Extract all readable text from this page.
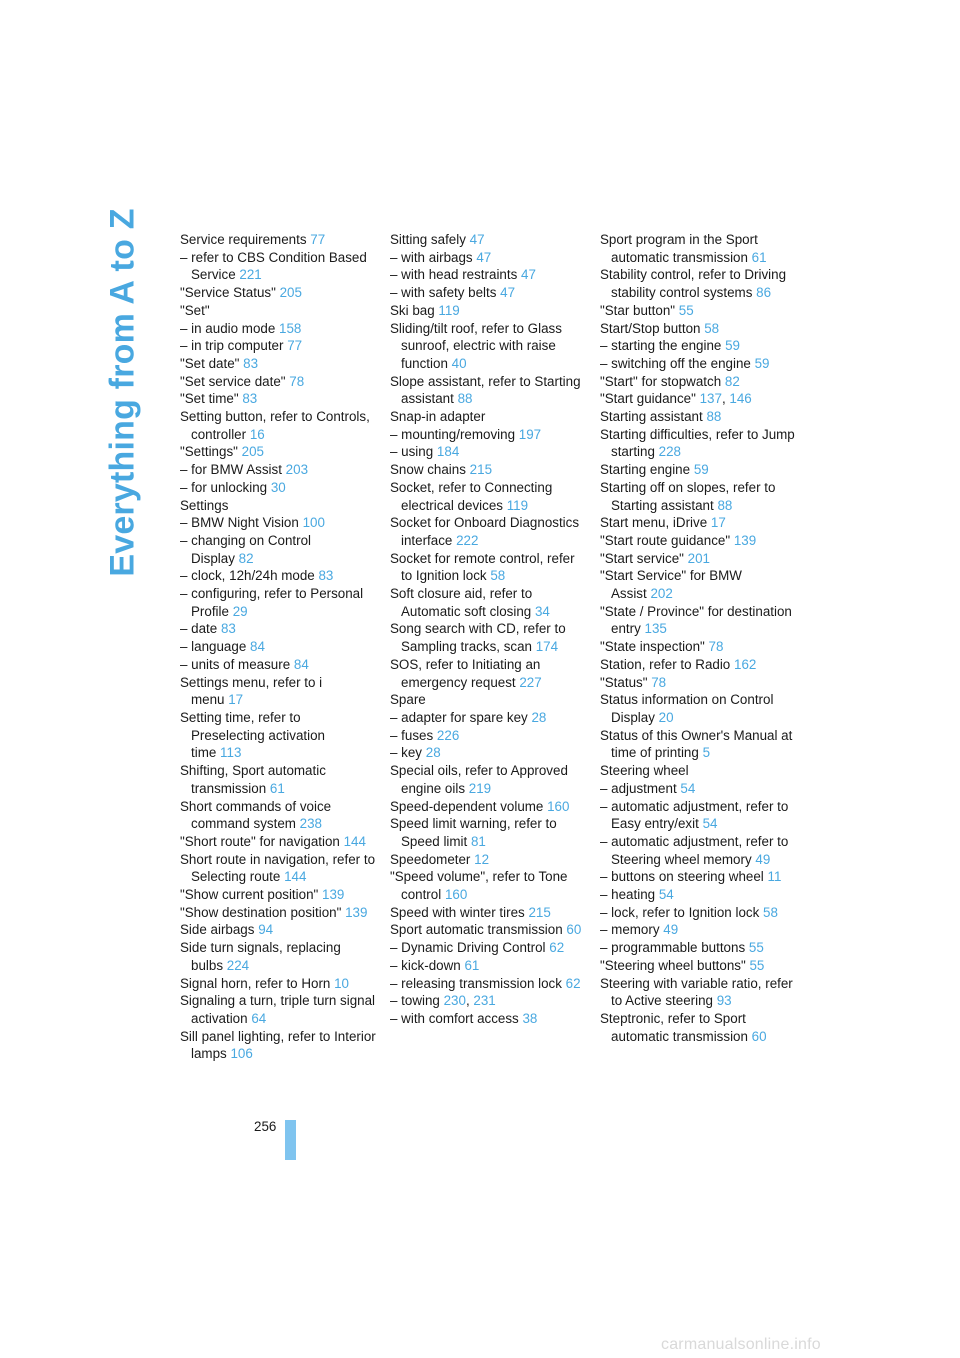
Everything from A to Z	Service requirements 77
– refer to CBS Condition Based Service 221
"Service Status" 205
"Set"
– in audio mode 158
– in trip computer 77
"Set date" 83
"Set service date" 78
"Set time" 83
Setting button, refer to Controls, controller 16
"Settings" 205
– for BMW Assist 203
– for unlocking 30
Settings
– BMW Night Vision 100
– changing on Control Display 82
– clock, 12h/24h mode 83
– configuring, refer to Personal Profile 29
– date 83
– language 84
– units of measure 84
Settings menu, refer to i menu 17
Setting time, refer to Preselecting activation time 113
Shifting, Sport automatic transmission 61
Short commands of voice command system 238
"Short route" for navigation 144
Short route in navigation, refer to Selecting route 144
"Show current position" 139
"Show destination position" 139
Side airbags 94
Side turn signals, replacing bulbs 224
Signal horn, refer to Horn 10
Signaling a turn, triple turn signal activation 64
Sill panel lighting, refer to Interior lamps 106
Sitting safely 47
– with airbags 47
– with head restraints 47
– with safety belts 47
Ski bag 119
Sliding/tilt roof, refer to Glass sunroof, electric with raise function 40
Slope assistant, refer to Starting assistant 88
Snap-in adapter
– mounting/removing 197
– using 184
Snow chains 215
Socket, refer to Connecting electrical devices 119
Socket for Onboard Diagnostics interface 222
Socket for remote control, refer to Ignition lock 58
Soft closure aid, refer to Automatic soft closing 34
Song search with CD, refer to Sampling tracks, scan 174
SOS, refer to Initiating an emergency request 227
Spare
– adapter for spare key 28
– fuses 226
– key 28
Special oils, refer to Approved engine oils 219
Speed-dependent volume 160
Speed limit warning, refer to Speed limit 81
Speedometer 12
"Speed volume", refer to Tone control 160
Speed with winter tires 215
Sport automatic transmission 60
– Dynamic Driving Control 62
– kick-down 61
– releasing transmission lock 62
– towing 230, 231
– with comfort access 38
Sport program in the Sport automatic transmission 61
Stability control, refer to Driving stability control systems 86
"Star button" 55
Start/Stop button 58
– starting the engine 59
– switching off the engine 59
"Start" for stopwatch 82
"Start guidance" 137, 146
Starting assistant 88
Starting difficulties, refer to Jump starting 228
Starting engine 59
Starting off on slopes, refer to Starting assistant 88
Start menu, iDrive 17
"Start route guidance" 139
"Start service" 201
"Start Service" for BMW Assist 202
"State / Province" for destination entry 135
"State inspection" 78
Station, refer to Radio 162
"Status" 78
Status information on Control Display 20
Status of this Owner's Manual at time of printing 5
Steering wheel
– adjustment 54
– automatic adjustment, refer to Easy entry/exit 54
– automatic adjustment, refer to Steering wheel memory 49
– buttons on steering wheel 11
– heating 54
– lock, refer to Ignition lock 58
– memory 49
– programmable buttons 55
"Steering wheel buttons" 55
Steering with variable ratio, refer to Active steering 93
Steptronic, refer to Sport automatic transmission 60
256
carmanualsonline.info
